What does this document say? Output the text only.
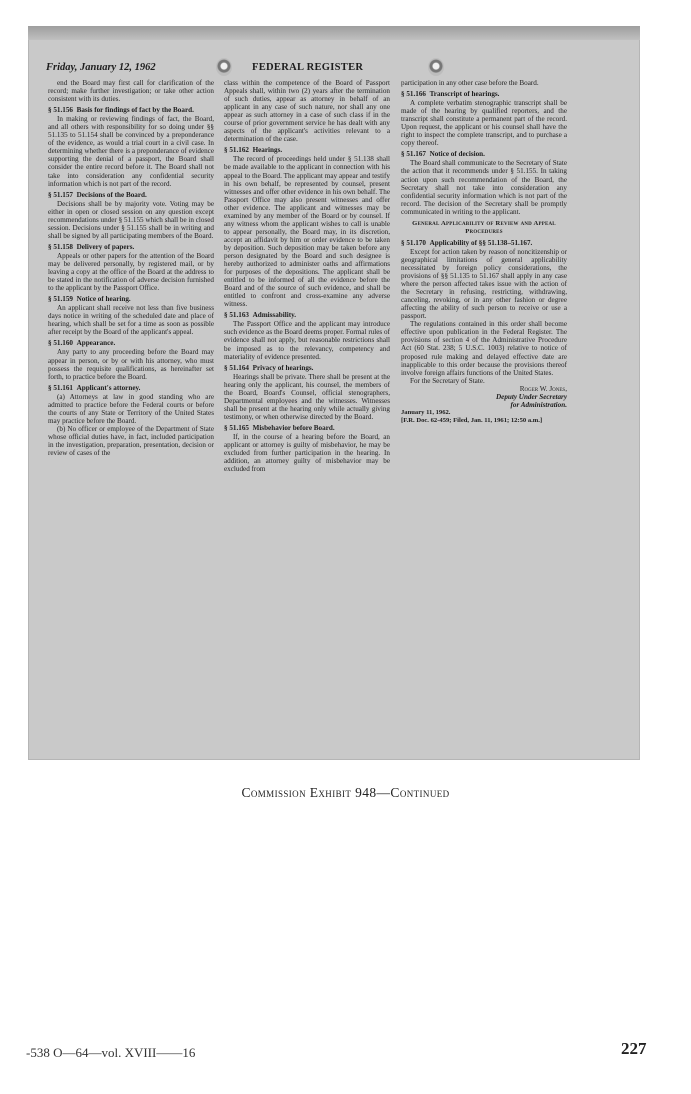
Friday, January 12, 1962	FEDERAL REGISTER

end the Board may first call for clarification of the record; make further investigation; or take other action consistent with its duties.

§ 51.156 Basis for findings of fact by the Board.

In making or reviewing findings of fact, the Board, and all others with responsibility for so doing under §§ 51.135 to 51.154 shall be convinced by a preponderance of the evidence, as would a trial court in a civil case. In determining whether there is a preponderance of evidence supporting the denial of a passport, the Board shall consider the entire record before it. The Board shall not take into consideration any confidential security information which is not part of the record.

§ 51.157 Decisions of the Board.

Decisions shall be by majority vote. Voting may be either in open or closed session on any question except recommendations under § 51.155 which shall be in closed session. Decisions under § 51.155 shall be in writing and shall be signed by all participating members of the Board.

§ 51.158 Delivery of papers.

Appeals or other papers for the attention of the Board may be delivered personally, by registered mail, or by leaving a copy at the office of the Board at the address to be stated in the notification of adverse decision furnished to the applicant by the Passport Office.

§ 51.159 Notice of hearing.

An applicant shall receive not less than five business days notice in writing of the scheduled date and place of hearing, which shall be set for a time as soon as possible after receipt by the Board of the applicant's appeal.

§ 51.160 Appearance.

Any party to any proceeding before the Board may appear in person, or by or with his attorney, who must possess the requisite qualifications, as hereinafter set forth, to practice before the Board.

§ 51.161 Applicant's attorney.

(a) Attorneys at law in good standing who are admitted to practice before the Federal courts or before the courts of any State or Territory of the United States may practice before the Board.

(b) No officer or employee of the Department of State whose official duties have, in fact, included participation in the investigation, preparation, presentation, decision or review of cases of the

class within the competence of the Board of Passport Appeals shall, within two (2) years after the termination of such duties, appear as attorney in behalf of an applicant in any case of such nature, nor shall any one appear as such attorney in a case of such class if in the course of prior government service he has dealt with any aspects of the applicant's activities relevant to a determination of the case.

§ 51.162 Hearings.

The record of proceedings held under § 51.138 shall be made available to the applicant in connection with his appeal to the Board. The applicant may appear and testify in his own behalf, be represented by counsel, present witnesses and offer other evidence in his own behalf. The Passport Office may also present witnesses and offer other evidence. The applicant and witnesses may be examined by any member of the Board or by counsel. If any witness whom the applicant wishes to call is unable to appear personally, the Board may, in its discretion, accept an affidavit by him or order evidence to be taken by deposition. Such deposition may be taken before any person designated by the Board and such designee is hereby authorized to administer oaths and affirmations for purposes of the depositions. The applicant shall be entitled to be informed of all the evidence before the Board and of the source of such evidence, and shall be entitled to confront and cross-examine any adverse witness.

§ 51.163 Admissability.

The Passport Office and the applicant may introduce such evidence as the Board deems proper. Formal rules of evidence shall not apply, but reasonable restrictions shall be imposed as to the relevancy, competency and materiality of evidence presented.

§ 51.164 Privacy of hearings.

Hearings shall be private. There shall be present at the hearing only the applicant, his counsel, the members of the Board, Board's Counsel, official stenographers, Departmental employees and the witnesses. Witnesses shall be present at the hearing only while actually giving testimony, or when otherwise directed by the Board.

§ 51.165 Misbehavior before Board.

If, in the course of a hearing before the Board, an applicant or attorney is guilty of misbehavior, he may be excluded from further participation in the hearing. In addition, an attorney guilty of misbehavior may be excluded from

participation in any other case before the Board.

§ 51.166 Transcript of hearings.

A complete verbatim stenographic transcript shall be made of the hearing by qualified reporters, and the transcript shall constitute a permanent part of the record. Upon request, the applicant or his counsel shall have the right to inspect the complete transcript, and to purchase a copy thereof.

§ 51.167 Notice of decision.

The Board shall communicate to the Secretary of State the action that it recommends under § 51.155. In taking action upon such recommendation of the Board, the Secretary shall not take into consideration any confidential security information which is not part of the record. The decision of the Secretary shall be promptly communicated in writing to the applicant.

General Applicability of Review and Appeal Procedures

§ 51.170 Applicability of §§ 51.138–51.167.

Except for action taken by reason of noncitizenship or geographical limitations of general applicability necessitated by foreign policy considerations, the provisions of §§ 51.135 to 51.167 shall apply in any case where the person affected takes issue with the action of the Secretary in refusing, restricting, withdrawing, canceling, revoking, or in any other fashion or degree affecting the ability of such person to receive or use a passport.

The regulations contained in this order shall become effective upon publication in the Federal Register. The provisions of section 4 of the Administrative Procedure Act (60 Stat. 238; 5 U.S.C. 1003) relative to notice of proposed rule making and delayed effective date are inapplicable to this order because the provisions thereof involve foreign affairs functions of the United States.

For the Secretary of State.

Roger W. Jones,

Deputy Under Secretary

for Administration.

January 11, 1962.

[F.R. Doc. 62-459; Filed, Jan. 11, 1961; 12:50 a.m.]

Commission Exhibit 948—Continued
-538 O—64—vol. XVIII——16	227
